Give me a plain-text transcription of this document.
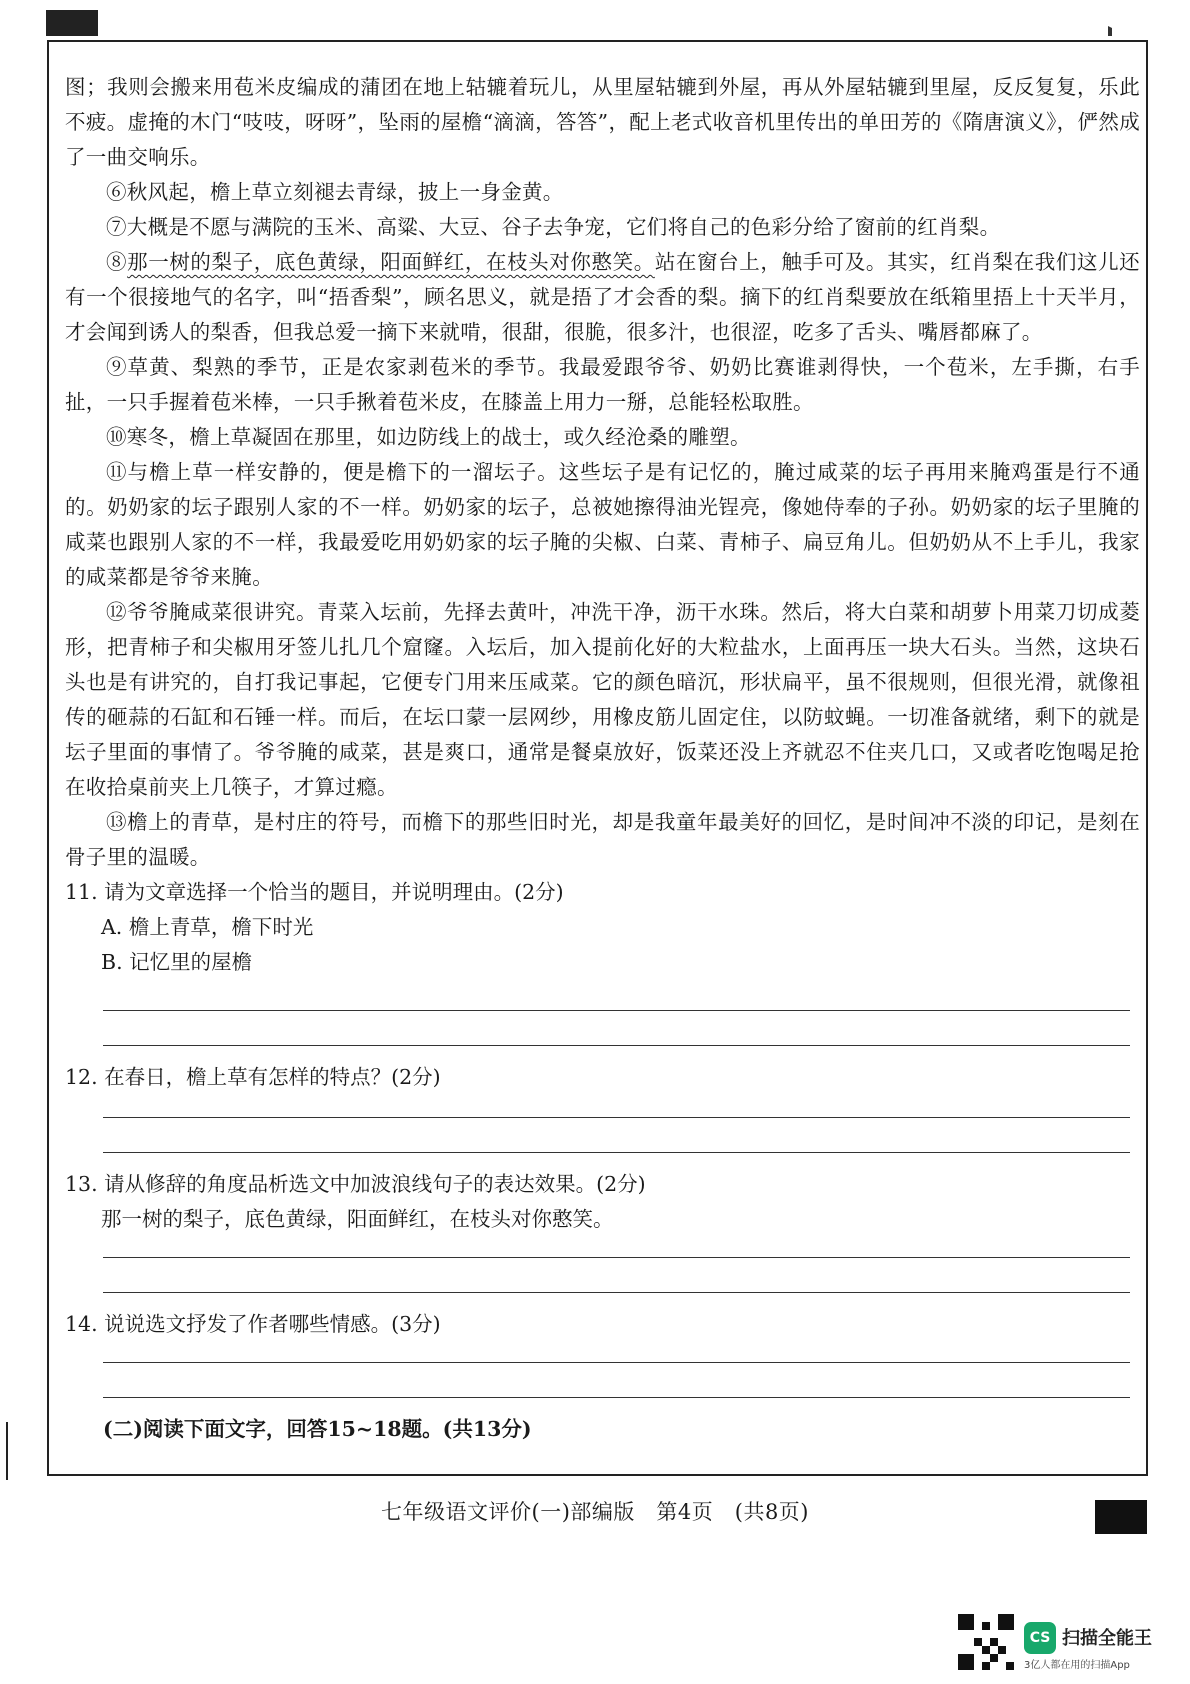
图；我则会搬来用苞米皮编成的蒲团在地上轱辘着玩儿，从里屋轱辘到外屋，再从外屋轱辘到里屋，反反复复，乐此不疲。虚掩的木门“吱吱，呀呀”，坠雨的屋檐“滴滴，答答”，配上老式收音机里传出的单田芳的《隋唐演义》，俨然成了一曲交响乐。

⑥秋风起，檐上草立刻褪去青绿，披上一身金黄。

⑦大概是不愿与满院的玉米、高粱、大豆、谷子去争宠，它们将自己的色彩分给了窗前的红肖梨。

⑧那一树的梨子，底色黄绿，阳面鲜红，在枝头对你憨笑。站在窗台上，触手可及。其实，红肖梨在我们这儿还有一个很接地气的名字，叫“捂香梨”，顾名思义，就是捂了才会香的梨。摘下的红肖梨要放在纸箱里捂上十天半月，才会闻到诱人的梨香，但我总爱一摘下来就啃，很甜，很脆，很多汁，也很涩，吃多了舌头、嘴唇都麻了。

⑨草黄、梨熟的季节，正是农家剥苞米的季节。我最爱跟爷爷、奶奶比赛谁剥得快，一个苞米，左手撕，右手扯，一只手握着苞米棒，一只手揪着苞米皮，在膝盖上用力一掰，总能轻松取胜。

⑩寒冬，檐上草凝固在那里，如边防线上的战士，或久经沧桑的雕塑。

⑪与檐上草一样安静的，便是檐下的一溜坛子。这些坛子是有记忆的，腌过咸菜的坛子再用来腌鸡蛋是行不通的。奶奶家的坛子跟别人家的不一样。奶奶家的坛子，总被她擦得油光锃亮，像她侍奉的子孙。奶奶家的坛子里腌的咸菜也跟别人家的不一样，我最爱吃用奶奶家的坛子腌的尖椒、白菜、青柿子、扁豆角儿。但奶奶从不上手儿，我家的咸菜都是爷爷来腌。

⑫爷爷腌咸菜很讲究。青菜入坛前，先择去黄叶，冲洗干净，沥干水珠。然后，将大白菜和胡萝卜用菜刀切成菱形，把青柿子和尖椒用牙签儿扎几个窟窿。入坛后，加入提前化好的大粒盐水，上面再压一块大石头。当然，这块石头也是有讲究的，自打我记事起，它便专门用来压咸菜。它的颜色暗沉，形状扁平，虽不很规则，但很光滑，就像祖传的砸蒜的石缸和石锤一样。而后，在坛口蒙一层网纱，用橡皮筋儿固定住，以防蚊蝇。一切准备就绪，剩下的就是坛子里面的事情了。爷爷腌的咸菜，甚是爽口，通常是餐桌放好，饭菜还没上齐就忍不住夹几口，又或者吃饱喝足抢在收拾桌前夹上几筷子，才算过瘾。

⑬檐上的青草，是村庄的符号，而檐下的那些旧时光，却是我童年最美好的回忆，是时间冲不淡的印记，是刻在骨子里的温暖。

11. 请为文章选择一个恰当的题目，并说明理由。(2分)

A. 檐上青草，檐下时光

B. 记忆里的屋檐

12. 在春日，檐上草有怎样的特点？(2分)

13. 请从修辞的角度品析选文中加波浪线句子的表达效果。(2分)

那一树的梨子，底色黄绿，阳面鲜红，在枝头对你憨笑。

14. 说说选文抒发了作者哪些情感。(3分)

(二)阅读下面文字，回答15~18题。(共13分)

七年级语文评价(一)部编版　第4页　(共8页)
CS 扫描全能王
3亿人都在用的扫描App
